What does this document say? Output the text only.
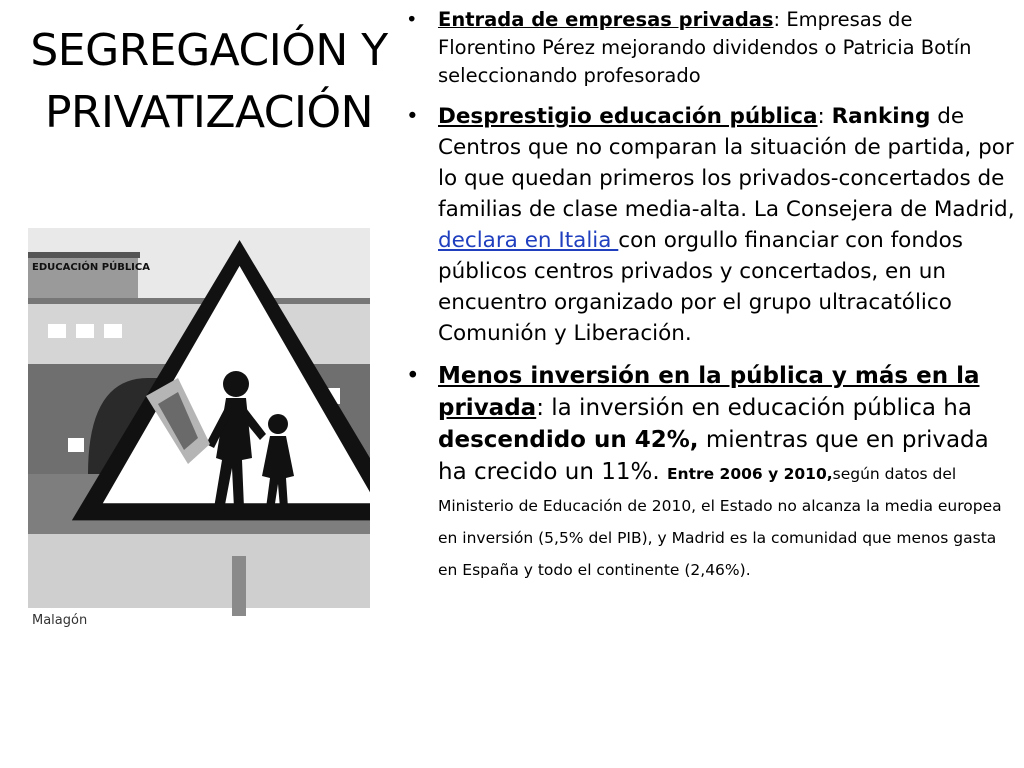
SEGREGACIÓN Y
PRIVATIZACIÓN
EDUCACIÓN PÚBLICA
Malagón
• Entrada de empresas privadas: Empresas de Florentino Pérez mejorando dividendos o Patricia Botín seleccionando profesorado
• Desprestigio educación pública: Ranking de Centros que no comparan la situación de partida, por lo que quedan primeros los privados-concertados de familias de clase media-alta. La Consejera de Madrid, declara en Italia con orgullo financiar con fondos públicos centros privados y concertados, en un encuentro organizado por el grupo ultracatólico Comunión y Liberación.
• Menos inversión en la pública y más en la privada: la inversión en educación pública ha descendido un 42%, mientras que en privada ha crecido un 11%. Entre 2006 y 2010,según datos del Ministerio de Educación de 2010, el Estado no alcanza la media europea en inversión (5,5% del PIB), y Madrid es la comunidad que menos gasta en España y todo el continente (2,46%).
